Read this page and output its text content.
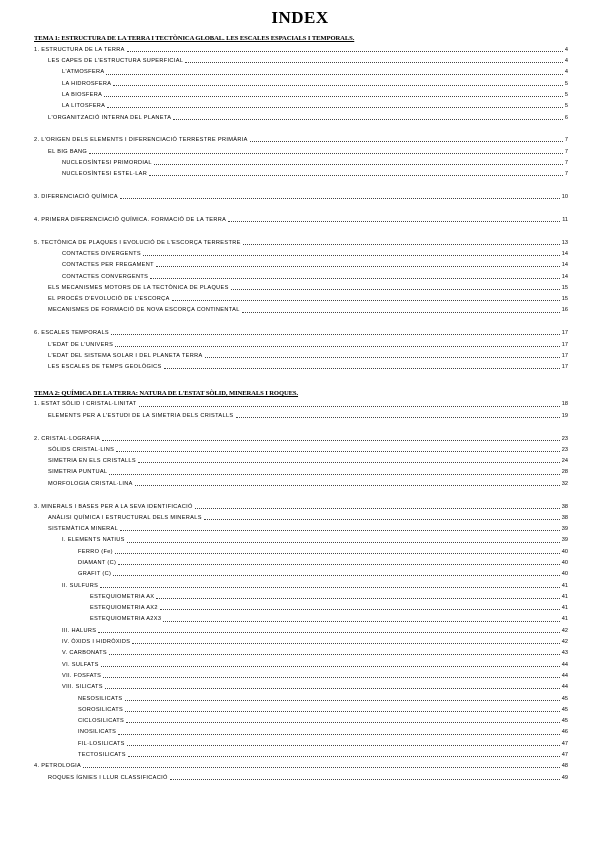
INDEX
TEMA 1: ESTRUCTURA DE LA TERRA I TECTÒNICA GLOBAL. LES ESCALES ESPACIALS I TEMPORALS.
1. ESTRUCTURA DE LA TERRA	4
LES CAPES DE L'ESTRUCTURA SUPERFICIAL	4
L'ATMOSFERA	4
LA HIDROSFERA	5
LA BIOSFERA	5
LA LITOSFERA	5
L'ORGANITZACIÓ INTERNA DEL PLANETA	6
2. L'ORIGEN DELS ELEMENTS I DIFERENCIACIÓ TERRESTRE PRIMÀRIA	7
EL BIG BANG	7
NUCLEOSÍNTESI PRIMORDIAL	7
NUCLEOSÍNTESI ESTEL·LAR	7
3. DIFERENCIACIÓ QUÍMICA	10
4. PRIMERA DIFERENCIACIÓ QUÍMICA. FORMACIÓ DE LA TERRA	11
5. TECTÒNICA DE PLAQUES I EVOLUCIÓ DE L'ESCORÇA TERRESTRE	13
CONTACTES DIVERGENTS	14
CONTACTES PER FREGAMENT	14
CONTACTES CONVERGENTS	14
ELS MECANISMES MOTORS DE LA TECTÒNICA DE PLAQUES	15
EL PROCÉS D'EVOLUCIÓ DE L'ESCORÇA	15
MECANISMES DE FORMACIÓ DE NOVA ESCORÇA CONTINENTAL	16
6. ESCALES TEMPORALS	17
L'EDAT DE L'UNIVERS	17
L'EDAT DEL SISTEMA SOLAR I DEL PLANETA TERRA	17
LES ESCALES DE TEMPS GEOLÒGICS	17
TEMA 2: QUÍMICA DE LA TERRA: NATURA DE L'ESTAT SÒLID, MINERALS I ROQUES.
1. ESTAT SÒLID I CRISTAL·LINITAT	18
ELEMENTS PER A L'ESTUDI DE LA SIMETRIA DELS CRISTALLS	19
2. CRISTAL·LOGRAFIA	23
SÒLIDS CRISTAL·LINS	23
SIMETRIA EN ELS CRISTALLS	24
SIMETRIA PUNTUAL	28
MORFOLOGIA CRISTAL·LINA	32
3. MINERALS I BASES PER A LA SEVA IDENTIFICACIÓ	38
ANÀLISI QUÍMICA I ESTRUCTURAL DELS MINERALS	38
SISTEMÀTICA MINERAL	39
I. ELEMENTS NATIUS	39
FERRO (Fe)	40
DIAMANT (C)	40
GRAFIT (C)	40
II. SULFURS	41
ESTEQUIOMETRIA AX	41
ESTEQUIOMETRIA AX2	41
ESTEQUIOMETRIA A2X3	41
III. HALURS	42
IV. ÒXIDS I HIDRÒXIDS	42
V. CARBONATS	43
VI. SULFATS	44
VII. FOSFATS	44
VIII. SILICATS	44
NESOSILICATS	45
SOROSILICATS	45
CICLOSILICATS	45
INOSILICATS	46
FIL·LOSILICATS	47
TECTOSILICATS	47
4. PETROLOGIA	48
ROQUES ÍGNIES I LLUR CLASSIFICACIÓ	49
